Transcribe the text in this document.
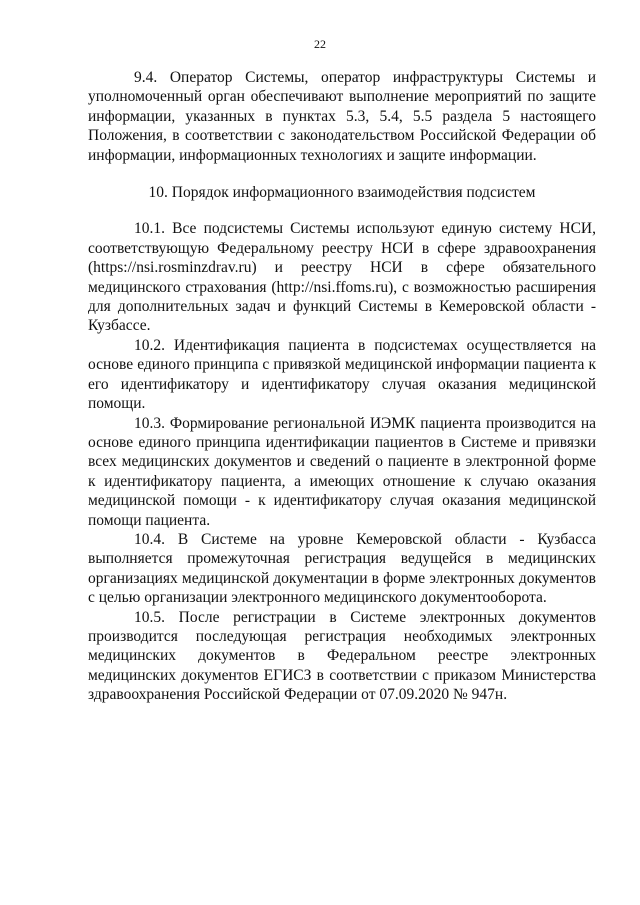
22

9.4. Оператор Системы, оператор инфраструктуры Системы и уполномоченный орган обеспечивают выполнение мероприятий по защите информации, указанных в пунктах 5.3, 5.4, 5.5 раздела 5 настоящего Положения, в соответствии с законодательством Российской Федерации об информации, информационных технологиях и защите информации.

10. Порядок информационного взаимодействия подсистем

10.1. Все подсистемы Системы используют единую систему НСИ, соответствующую Федеральному реестру НСИ в сфере здравоохранения (https://nsi.rosminzdrav.ru) и реестру НСИ в сфере обязательного медицинского страхования (http://nsi.ffoms.ru), с возможностью расширения для дополнительных задач и функций Системы в Кемеровской области - Кузбассе.

10.2. Идентификация пациента в подсистемах осуществляется на основе единого принципа с привязкой медицинской информации пациента к его идентификатору и идентификатору случая оказания медицинской помощи.

10.3. Формирование региональной ИЭМК пациента производится на основе единого принципа идентификации пациентов в Системе и привязки всех медицинских документов и сведений о пациенте в электронной форме к идентификатору пациента, а имеющих отношение к случаю оказания медицинской помощи - к идентификатору случая оказания медицинской помощи пациента.

10.4. В Системе на уровне Кемеровской области - Кузбасса выполняется промежуточная регистрация ведущейся в медицинских организациях медицинской документации в форме электронных документов с целью организации электронного медицинского документооборота.

10.5. После регистрации в Системе электронных документов производится последующая регистрация необходимых электронных медицинских документов в Федеральном реестре электронных медицинских документов ЕГИСЗ в соответствии с приказом Министерства здравоохранения Российской Федерации от 07.09.2020 № 947н.
